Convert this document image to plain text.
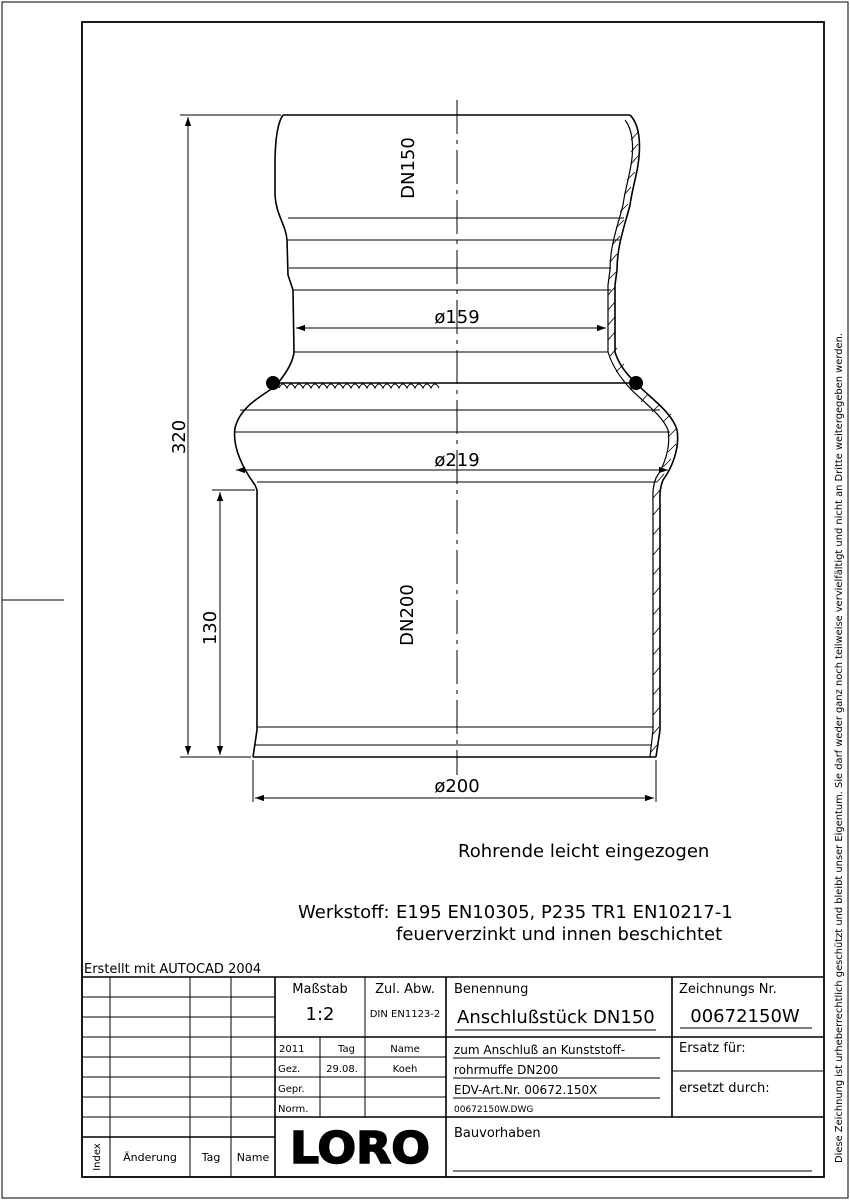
DN150
DN200
320
130
ø159
ø219
ø200
Rohrende leicht eingezogen
Werkstoff: E195 EN10305, P235 TR1 EN10217-1
feuerverzinkt und innen beschichtet	Diese Zeichnung ist urheberrechtlich geschützt und bleibt unser Eigentum. Sie darf weder ganz noch teilweise vervielfältigt und nicht an Dritte weitergegeben werden.
Erstellt mit AUTOCAD 2004
Maßstab
1:2
Zul. Abw.
DIN EN1123-2
Benennung
Anschlußstück DN150
Zeichnungs Nr.
00672150W
2011	Tag	Name
Gez.	29.08.	Koeh
Gepr.
Norm.
zum Anschluß an Kunststoff-
rohrmuffe DN200
EDV-Art.Nr. 00672.150X
00672150W.DWG
Ersatz für:
ersetzt durch:
Bauvorhaben
Index Änderung Tag Name LORO
